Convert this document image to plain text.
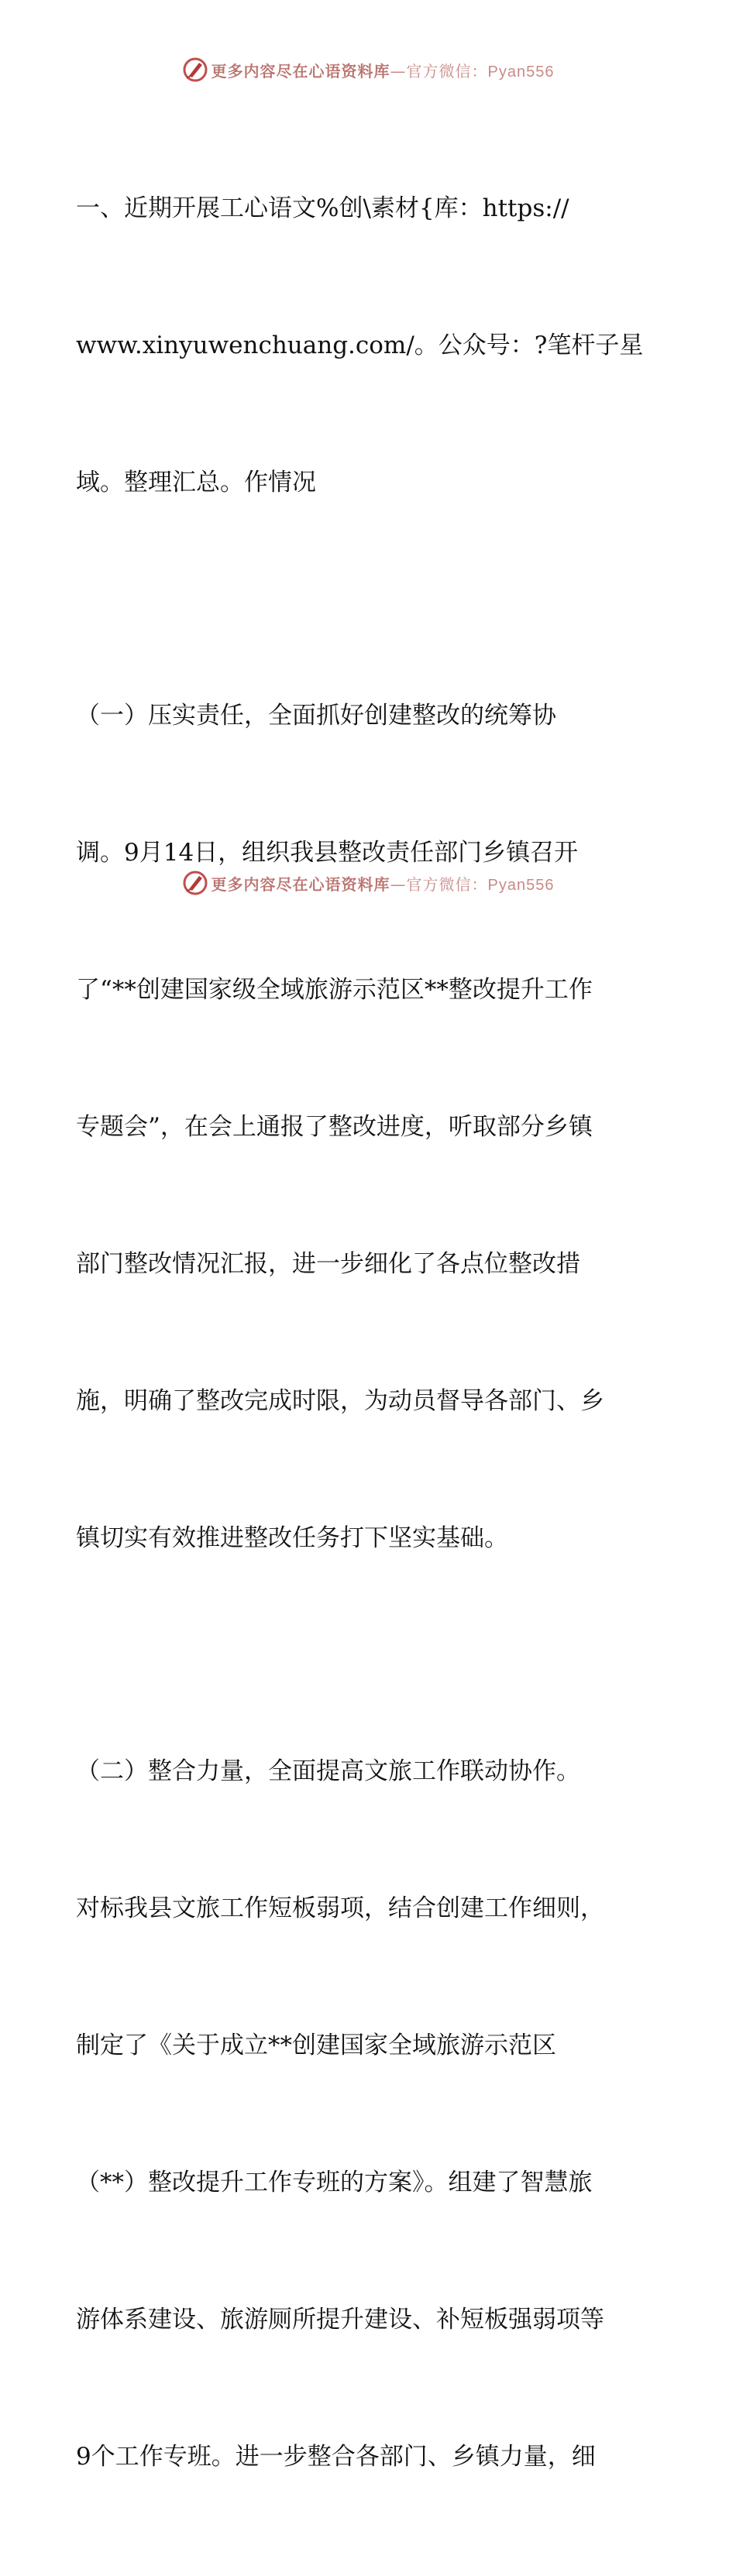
更多内容尽在心语资料库—官方微信：Pyan556

一、近期开展工心语文%创\素材{库：https://

www.xinyuwenchuang.com/。公众号：?笔杆子星

域。整理汇总。作情况

（一）压实责任，全面抓好创建整改的统筹协

调。9月14日，组织我县整改责任部门乡镇召开

了“**创建国家级全域旅游示范区**整改提升工作

专题会”，在会上通报了整改进度，听取部分乡镇

部门整改情况汇报，进一步细化了各点位整改措

施，明确了整改完成时限，为动员督导各部门、乡

镇切实有效推进整改任务打下坚实基础。

（二）整合力量，全面提高文旅工作联动协作。

对标我县文旅工作短板弱项，结合创建工作细则，

制定了《关于成立**创建国家全域旅游示范区

（**）整改提升工作专班的方案》。组建了智慧旅

游体系建设、旅游厕所提升建设、补短板强弱项等

9个工作专班。进一步整合各部门、乡镇力量，细

更多内容尽在心语资料库—官方微信：Pyan556
